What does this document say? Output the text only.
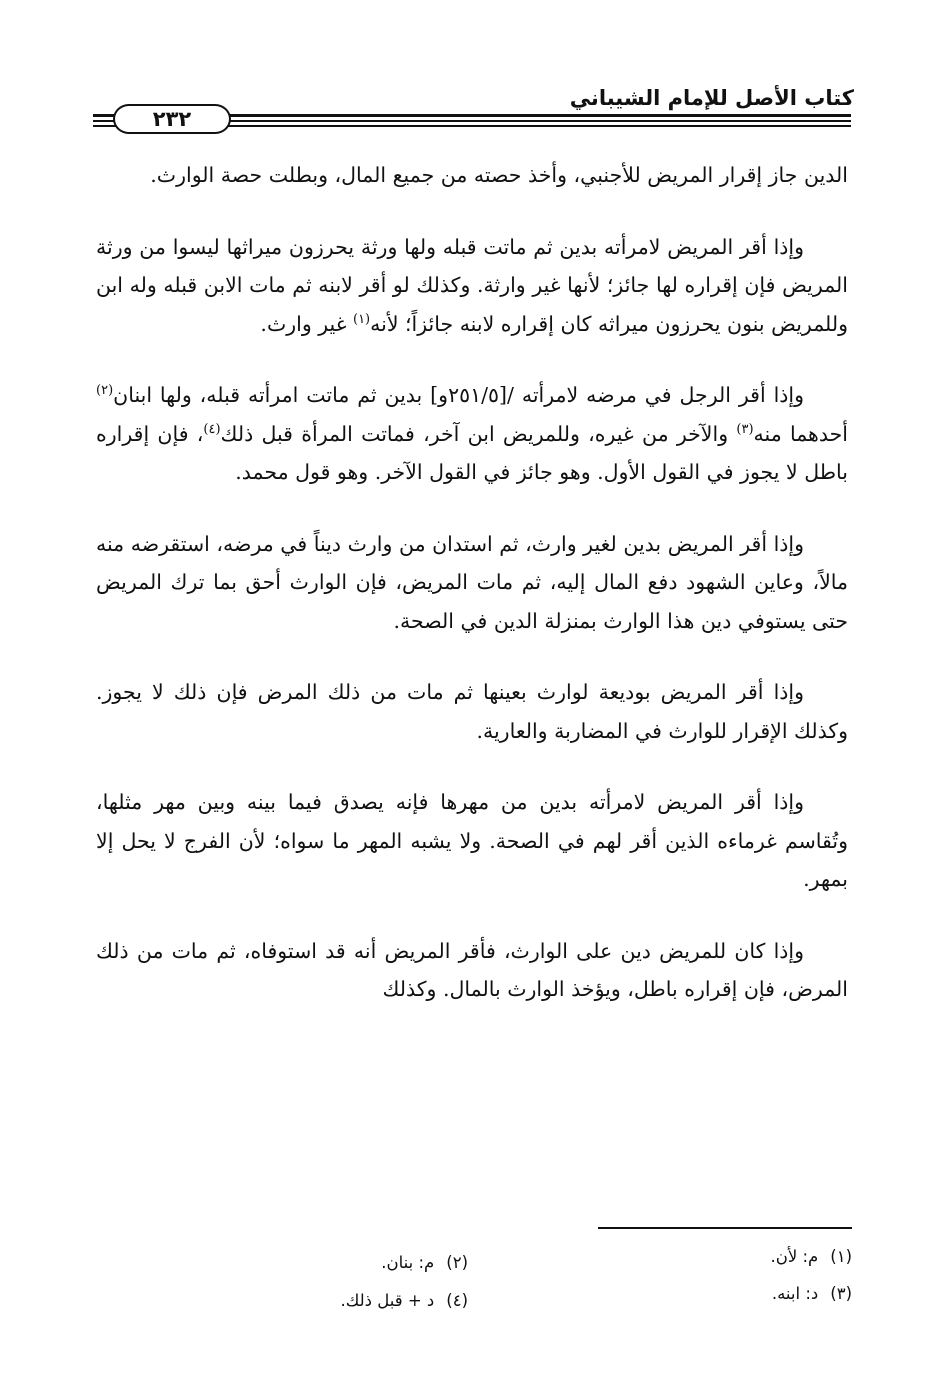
كتاب الأصل للإمام الشيباني
٢٣٢

الدين جاز إقرار المريض للأجنبي، وأخذ حصته من جميع المال، وبطلت حصة الوارث.

وإذا أقر المريض لامرأته بدين ثم ماتت قبله ولها ورثة يحرزون ميراثها ليسوا من ورثة المريض فإن إقراره لها جائز؛ لأنها غير وارثة. وكذلك لو أقر لابنه ثم مات الابن قبله وله ابن وللمريض بنون يحرزون ميراثه كان إقراره لابنه جائزاً؛ لأنه$^{(١)}$ غير وارث.

وإذا أقر الرجل في مرضه لامرأته /[٢٥١/٥و] بدين ثم ماتت امرأته قبله، ولها ابنان$^{(٢)}$ أحدهما منه$^{(٣)}$ والآخر من غيره، وللمريض ابن آخر، فماتت المرأة قبل ذلك$^{(٤)}$، فإن إقراره باطل لا يجوز في القول الأول. وهو جائز في القول الآخر. وهو قول محمد.

وإذا أقر المريض بدين لغير وارث، ثم استدان من وارث ديناً في مرضه، استقرضه منه مالاً، وعاين الشهود دفع المال إليه، ثم مات المريض، فإن الوارث أحق بما ترك المريض حتى يستوفي دين هذا الوارث بمنزلة الدين في الصحة.

وإذا أقر المريض بوديعة لوارث بعينها ثم مات من ذلك المرض فإن ذلك لا يجوز. وكذلك الإقرار للوارث في المضاربة والعارية.

وإذا أقر المريض لامرأته بدين من مهرها فإنه يصدق فيما بينه وبين مهر مثلها، وتُقاسم غرماءه الذين أقر لهم في الصحة. ولا يشبه المهر ما سواه؛ لأن الفرج لا يحل إلا بمهر.

وإذا كان للمريض دين على الوارث، فأقر المريض أنه قد استوفاه، ثم مات من ذلك المرض، فإن إقراره باطل، ويؤخذ الوارث بالمال. وكذلك

(١)م: لأن.
(٢)م: بنان.
(٣)د: ابنه.
(٤)د + قبل ذلك.
